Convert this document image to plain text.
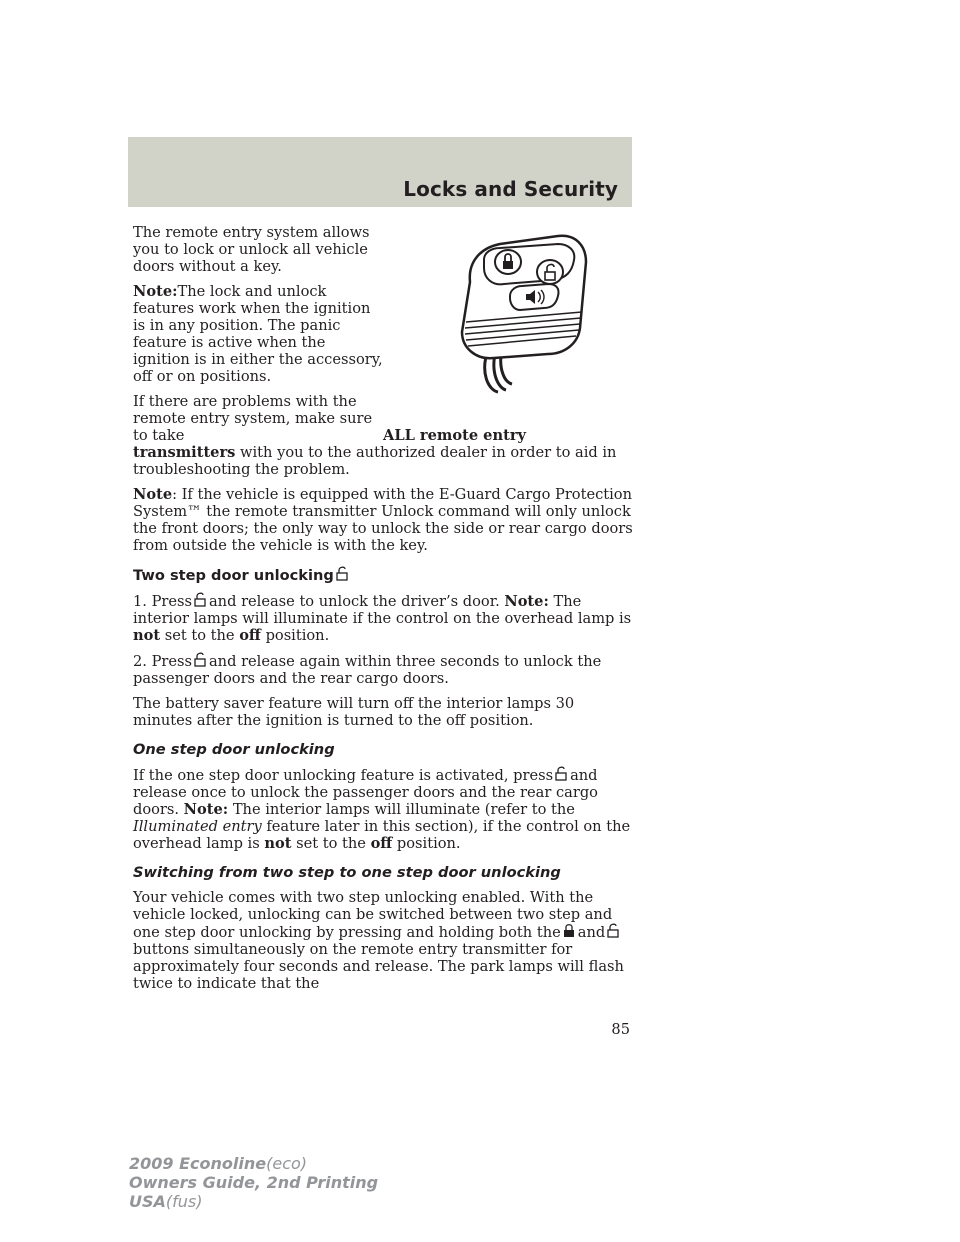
Locks and Security

The remote entry system allows you to lock or unlock all vehicle doors without a key.

Note:The lock and unlock features work when the ignition is in any position. The panic feature is active when the ignition is in either the accessory, off or on positions.

If there are problems with the remote entry system, make sure to take	ALL remote entry transmitters with you to the authorized dealer in order to aid in troubleshooting the problem.

Note: If the vehicle is equipped with the E-Guard Cargo Protection System™ the remote transmitter Unlock command will only unlock the front doors; the only way to unlock the side or rear cargo doors from outside the vehicle is with the key.

Two step door unlocking

1. Press and release to unlock the driver’s door. Note: The interior lamps will illuminate if the control on the overhead lamp is not set to the off position.

2. Press and release again within three seconds to unlock the passenger doors and the rear cargo doors.

The battery saver feature will turn off the interior lamps 30 minutes after the ignition is turned to the off position.

One step door unlocking

If the one step door unlocking feature is activated, press and release once to unlock the passenger doors and the rear cargo doors. Note: The interior lamps will illuminate (refer to the Illuminated entry feature later in this section), if the control on the overhead lamp is not set to the off position.

Switching from two step to one step door unlocking

Your vehicle comes with two step unlocking enabled. With the vehicle locked, unlocking can be switched between two step and one step door unlocking by pressing and holding both the and
buttons simultaneously on the remote entry transmitter for approximately four seconds and release. The park lamps will flash twice to indicate that the

85
2009 Econoline(eco)
Owners Guide, 2nd Printing
USA(fus)
